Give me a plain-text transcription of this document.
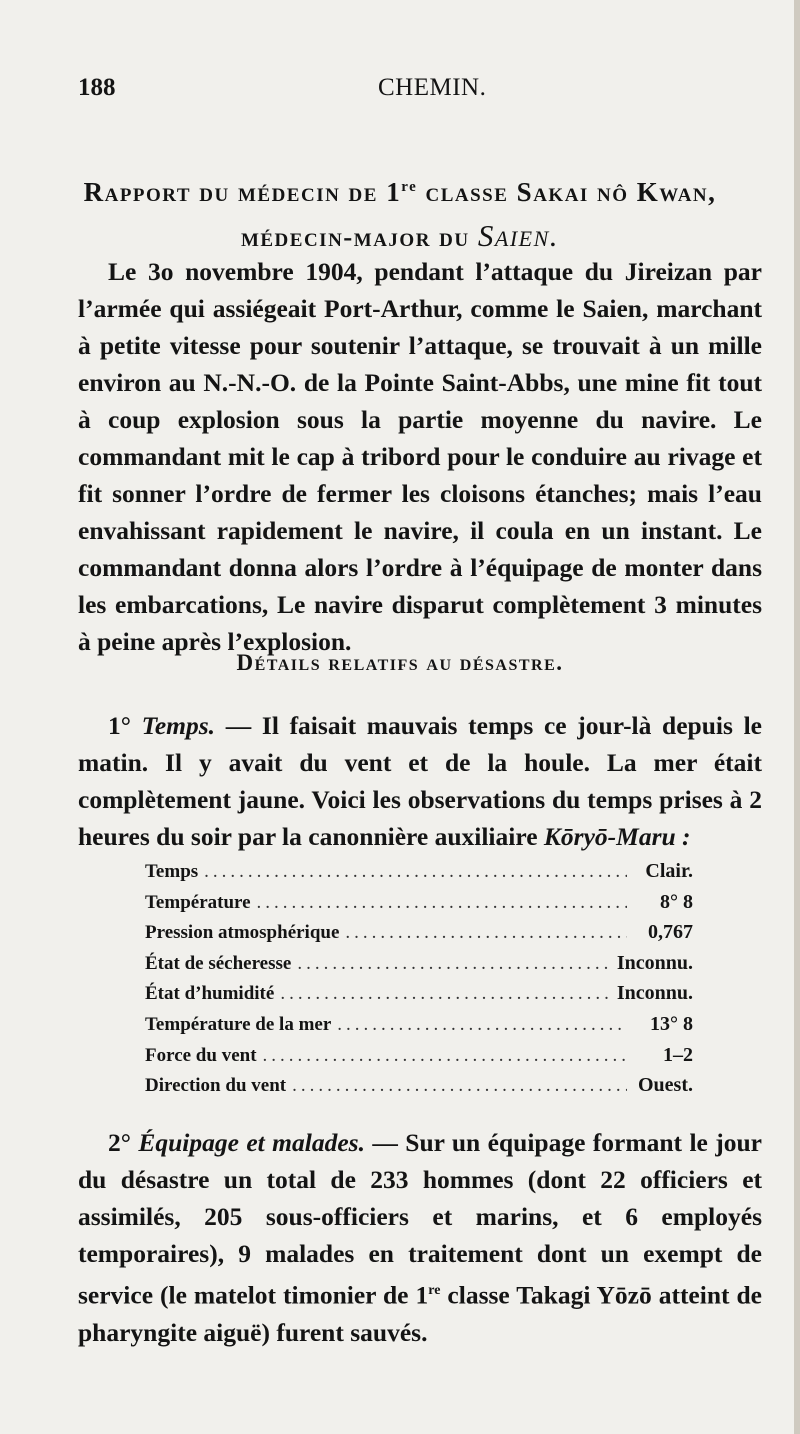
188	CHEMIN.
Rapport du médecin de 1re classe Sakai nô Kwan,
médecin-major du Saien.

Le 3o novembre 1904, pendant l’attaque du Jireizan par l’armée qui assiégeait Port-Arthur, comme le Saien, marchant à petite vitesse pour soutenir l’attaque, se trouvait à un mille environ au N.-N.-O. de la Pointe Saint-Abbs, une mine fit tout à coup explosion sous la partie moyenne du navire. Le commandant mit le cap à tribord pour le conduire au rivage et fit sonner l’ordre de fermer les cloisons étanches; mais l’eau envahissant rapidement le navire, il coula en un instant. Le commandant donna alors l’ordre à l’équipage de monter dans les embarcations, Le navire disparut complètement 3 minutes à peine après l’explosion.

Détails relatifs au désastre.

1° Temps. — Il faisait mauvais temps ce jour-là depuis le matin. Il y avait du vent et de la houle. La mer était complètement jaune. Voici les observations du temps prises à 2 heures du soir par la canonnière auxiliaire Kōryō-Maru :

Temps .....	Clair.
Température .....	8° 8
Pression atmosphérique .....	0,767
État de sécheresse .....	Inconnu.
État d’humidité .....	Inconnu.
Température de la mer .....	13° 8
Force du vent .....	1–2
Direction du vent .....	Ouest.

2° Équipage et malades. — Sur un équipage formant le jour du désastre un total de 233 hommes (dont 22 officiers et assimilés, 205 sous-officiers et marins, et 6 employés temporaires), 9 malades en traitement dont un exempt de service (le matelot timonier de 1re classe Takagi Yōzō atteint de pharyngite aiguë) furent sauvés.
